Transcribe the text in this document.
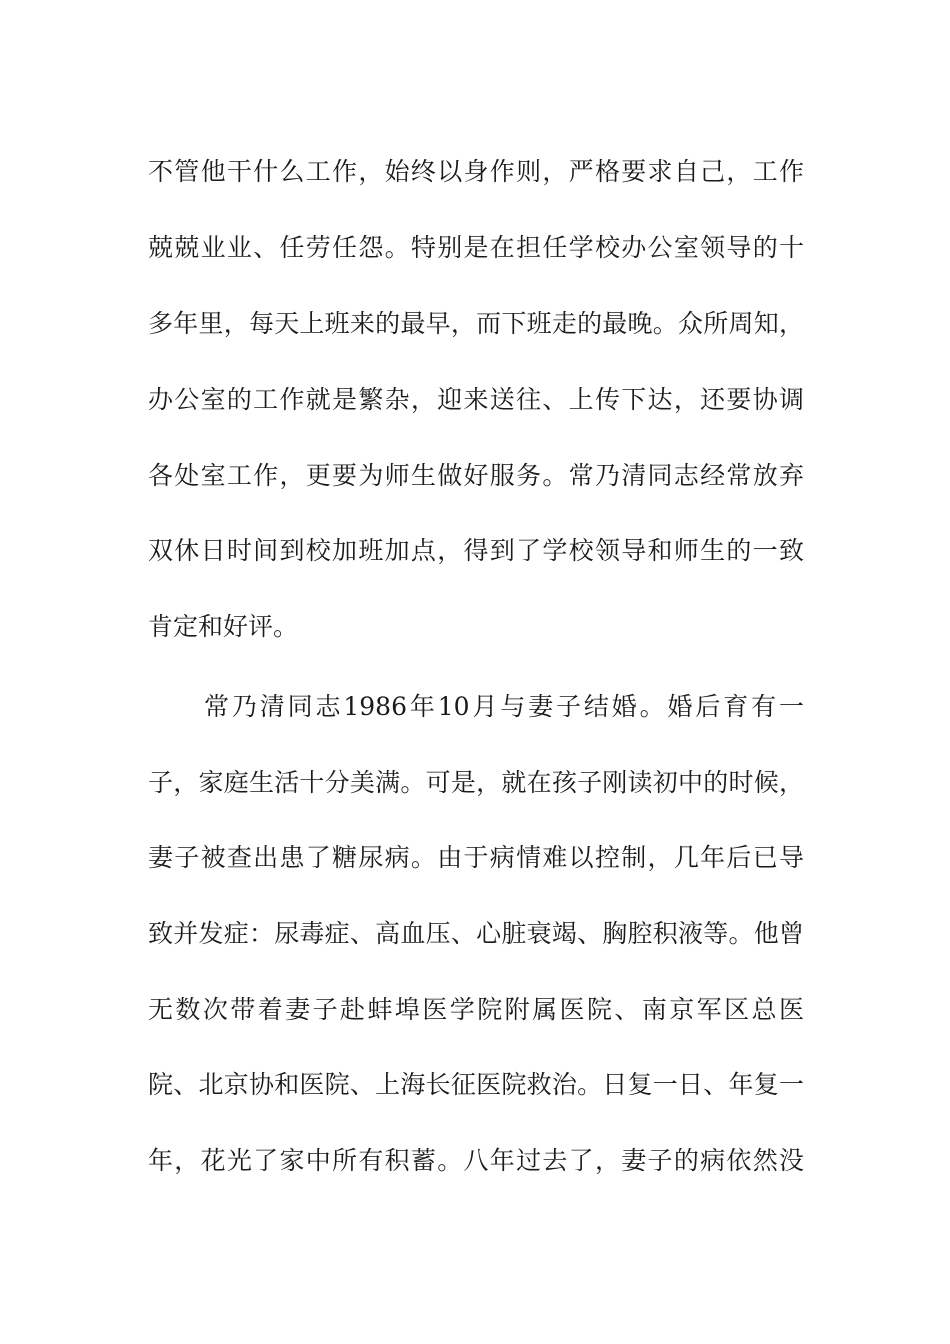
不管他干什么工作，始终以身作则，严格要求自己，工作
兢兢业业、任劳任怨。特别是在担任学校办公室领导的十
多年里，每天上班来的最早，而下班走的最晚。众所周知，
办公室的工作就是繁杂，迎来送往、上传下达，还要协调
各处室工作，更要为师生做好服务。常乃清同志经常放弃
双休日时间到校加班加点，得到了学校领导和师生的一致
肯定和好评。
常乃清同志1986年10月与妻子结婚。婚后育有一
子，家庭生活十分美满。可是，就在孩子刚读初中的时候，
妻子被查出患了糖尿病。由于病情难以控制，几年后已导
致并发症：尿毒症、高血压、心脏衰竭、胸腔积液等。他曾
无数次带着妻子赴蚌埠医学院附属医院、南京军区总医
院、北京协和医院、上海长征医院救治。日复一日、年复一
年，花光了家中所有积蓄。八年过去了，妻子的病依然没
